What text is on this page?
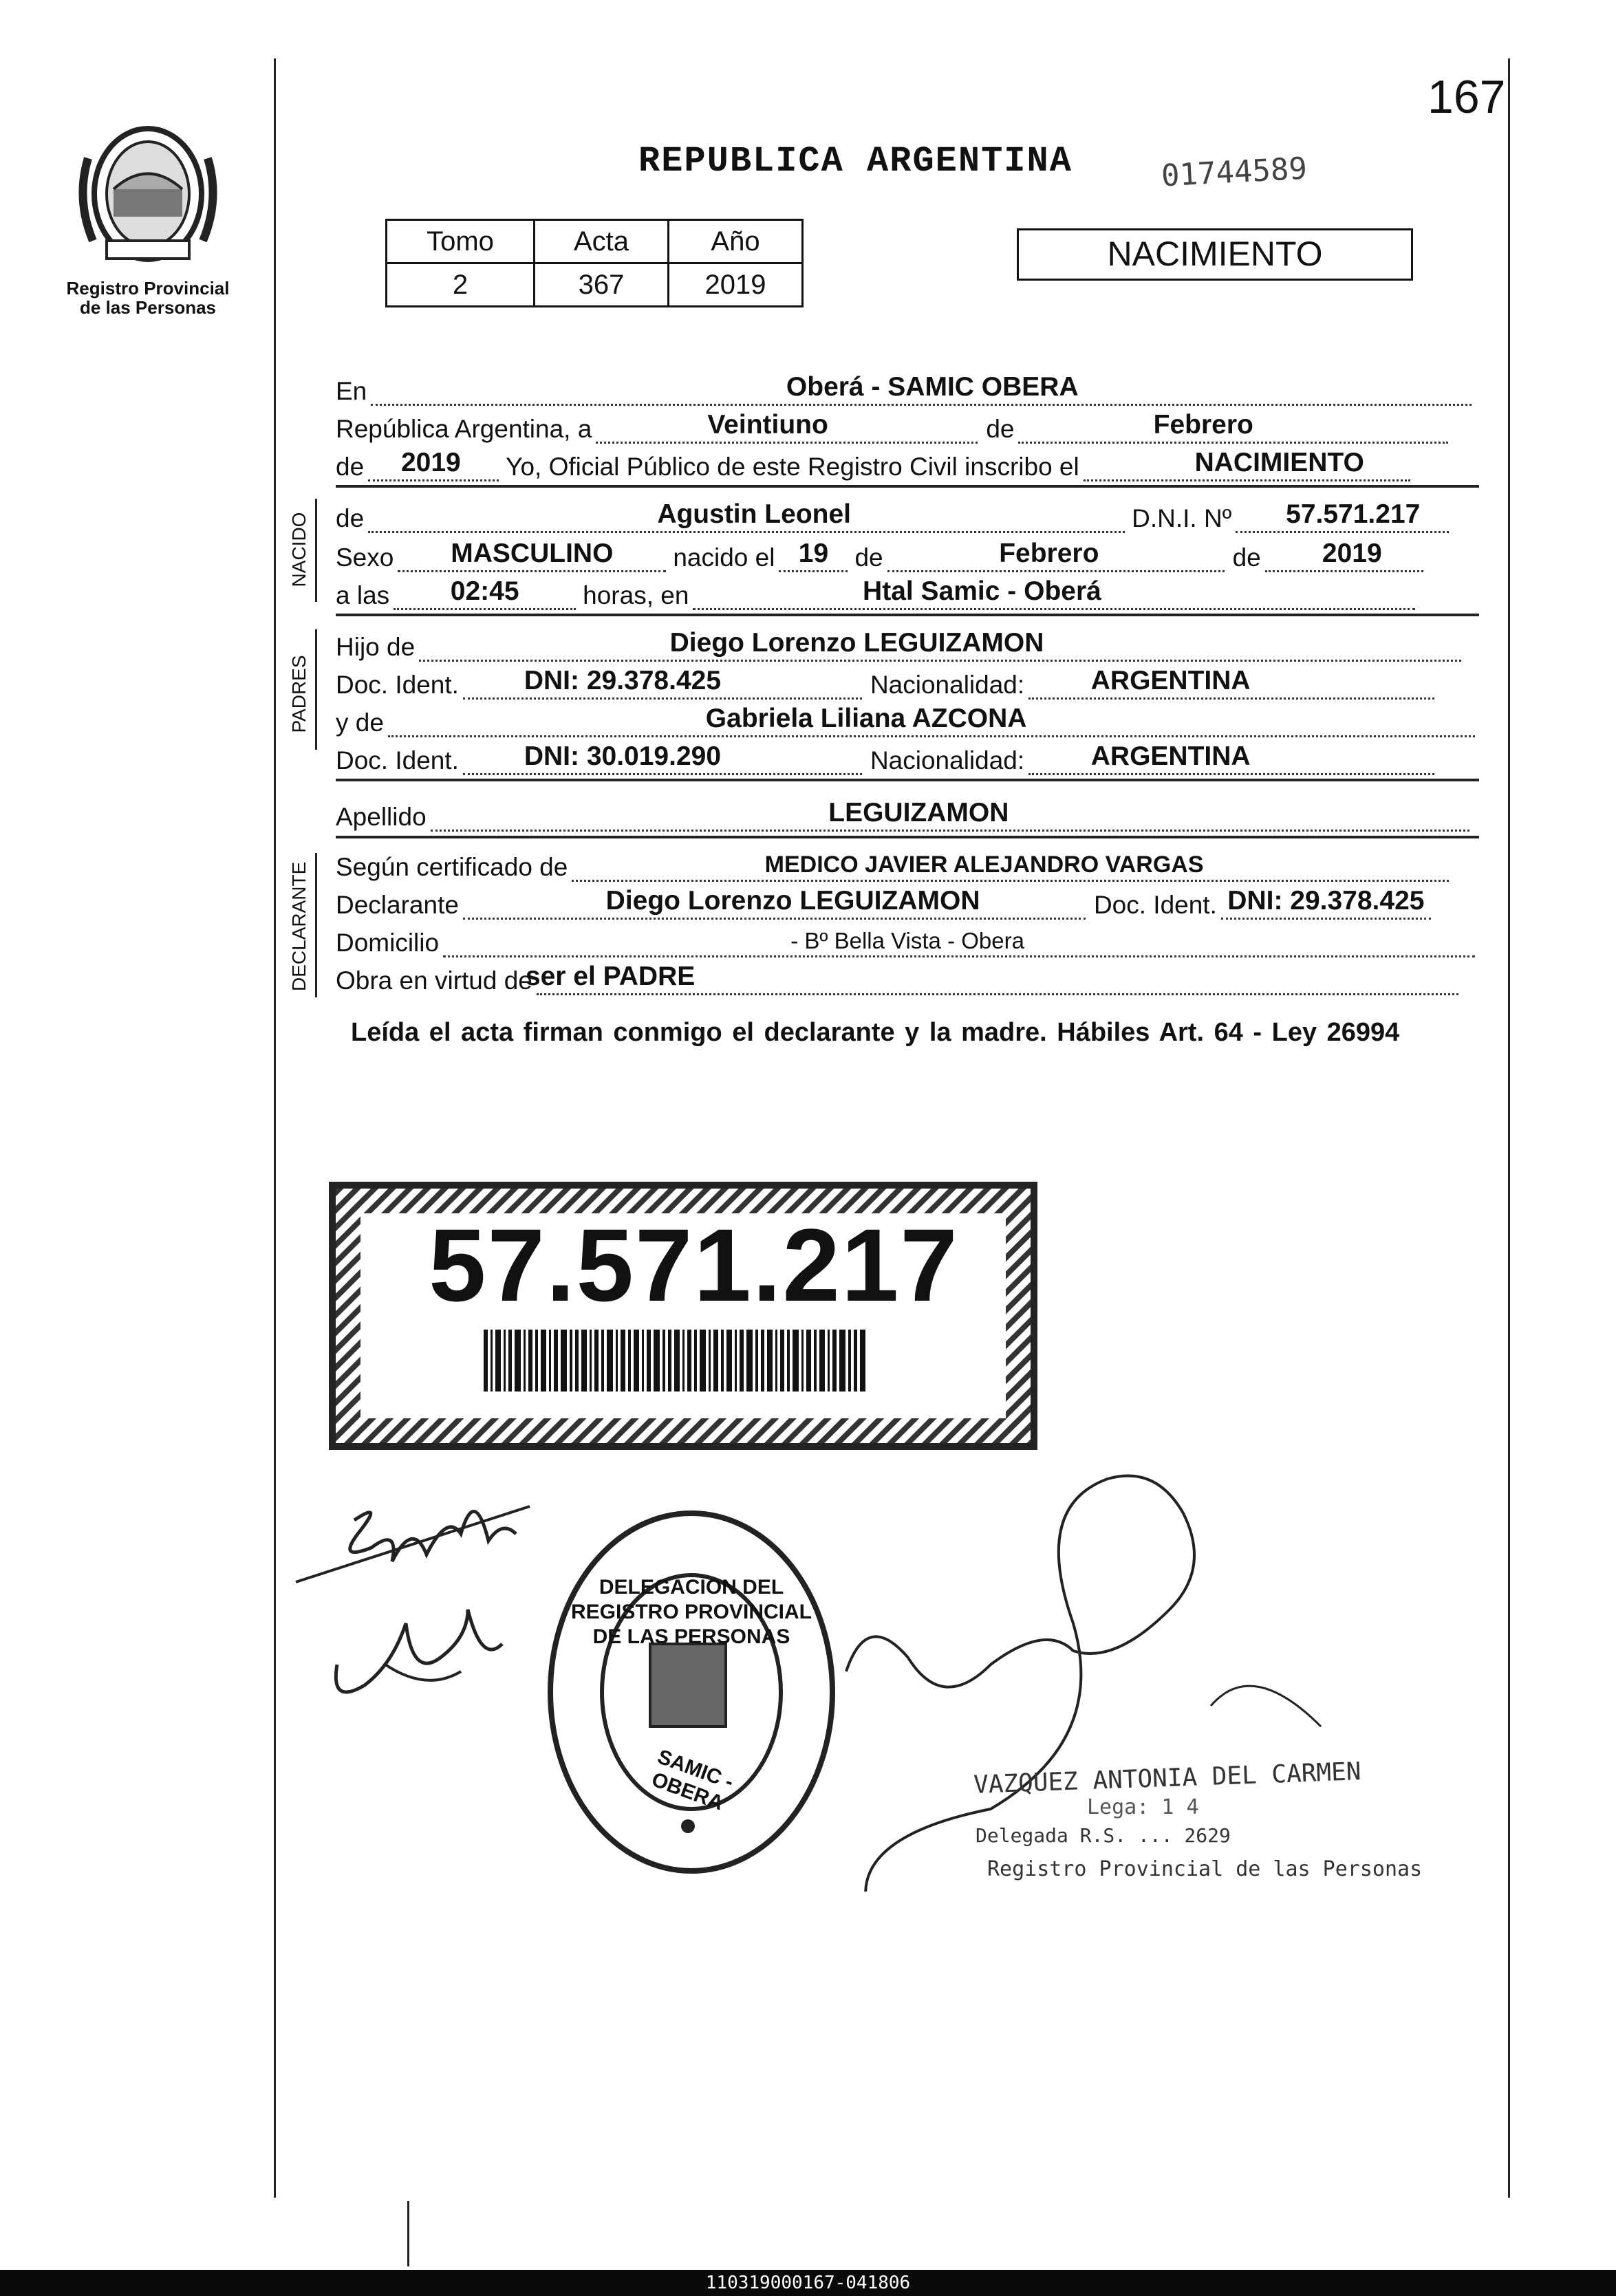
Registro Provincial
de las Personas
167
REPUBLICA ARGENTINA	01744589
Tomo	Acta	Año
2	367	2019
NACIMIENTO
En	Oberá - SAMIC OBERA
República Argentina, a	Veintiuno	de	Febrero
de 2019 Yo, Oficial Público de este Registro Civil inscribo el	NACIMIENTO
NACIDO de	Agustin Leonel	D.N.I. Nº 57.571.217
Sexo MASCULINO nacido el 19 de	Febrero	de 2019
a las 02:45	horas, en	Htal Samic - Oberá
PADRES
Hijo de	Diego Lorenzo LEGUIZAMON
Doc. Ident. DNI: 29.378.425	Nacionalidad: ARGENTINA
y de	Gabriela Liliana AZCONA
Doc. Ident. DNI: 30.019.290	Nacionalidad: ARGENTINA
Apellido	LEGUIZAMON
DECLARANTE Según certificado de	MEDICO JAVIER ALEJANDRO VARGAS
Declarante	Diego Lorenzo LEGUIZAMON	Doc. Ident. DNI: 29.378.425
Domicilio	- Bº Bella Vista - Obera
Obra en virtud de
ser el PADRE
Leída el acta firman conmigo el declarante y la madre. Hábiles Art. 64 - Ley 26994
57.571.217
DELEGACION DEL REGISTRO PROVINCIAL DE LAS PERSONAS
SAMIC - OBERA	VAZQUEZ ANTONIA DEL CARMEN
Lega: 1 4
Delegada R.S. ... 2629
Registro Provincial de las Personas
110319000167-041806
